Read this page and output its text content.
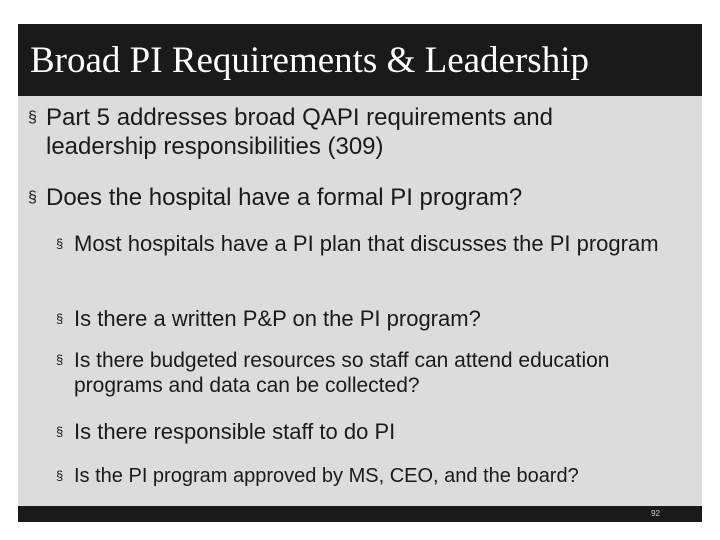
Broad PI Requirements & Leadership
§ Part 5 addresses broad QAPI requirements and leadership responsibilities (309)
§ Does the hospital have a formal PI program?
§ Most hospitals have a PI plan that discusses the PI program
§ Is there a written P&P on the PI program?
§ Is there budgeted resources so staff can attend education programs and data can be collected?
§ Is there responsible staff to do PI
§ Is the PI program approved by MS, CEO, and the board?
92
